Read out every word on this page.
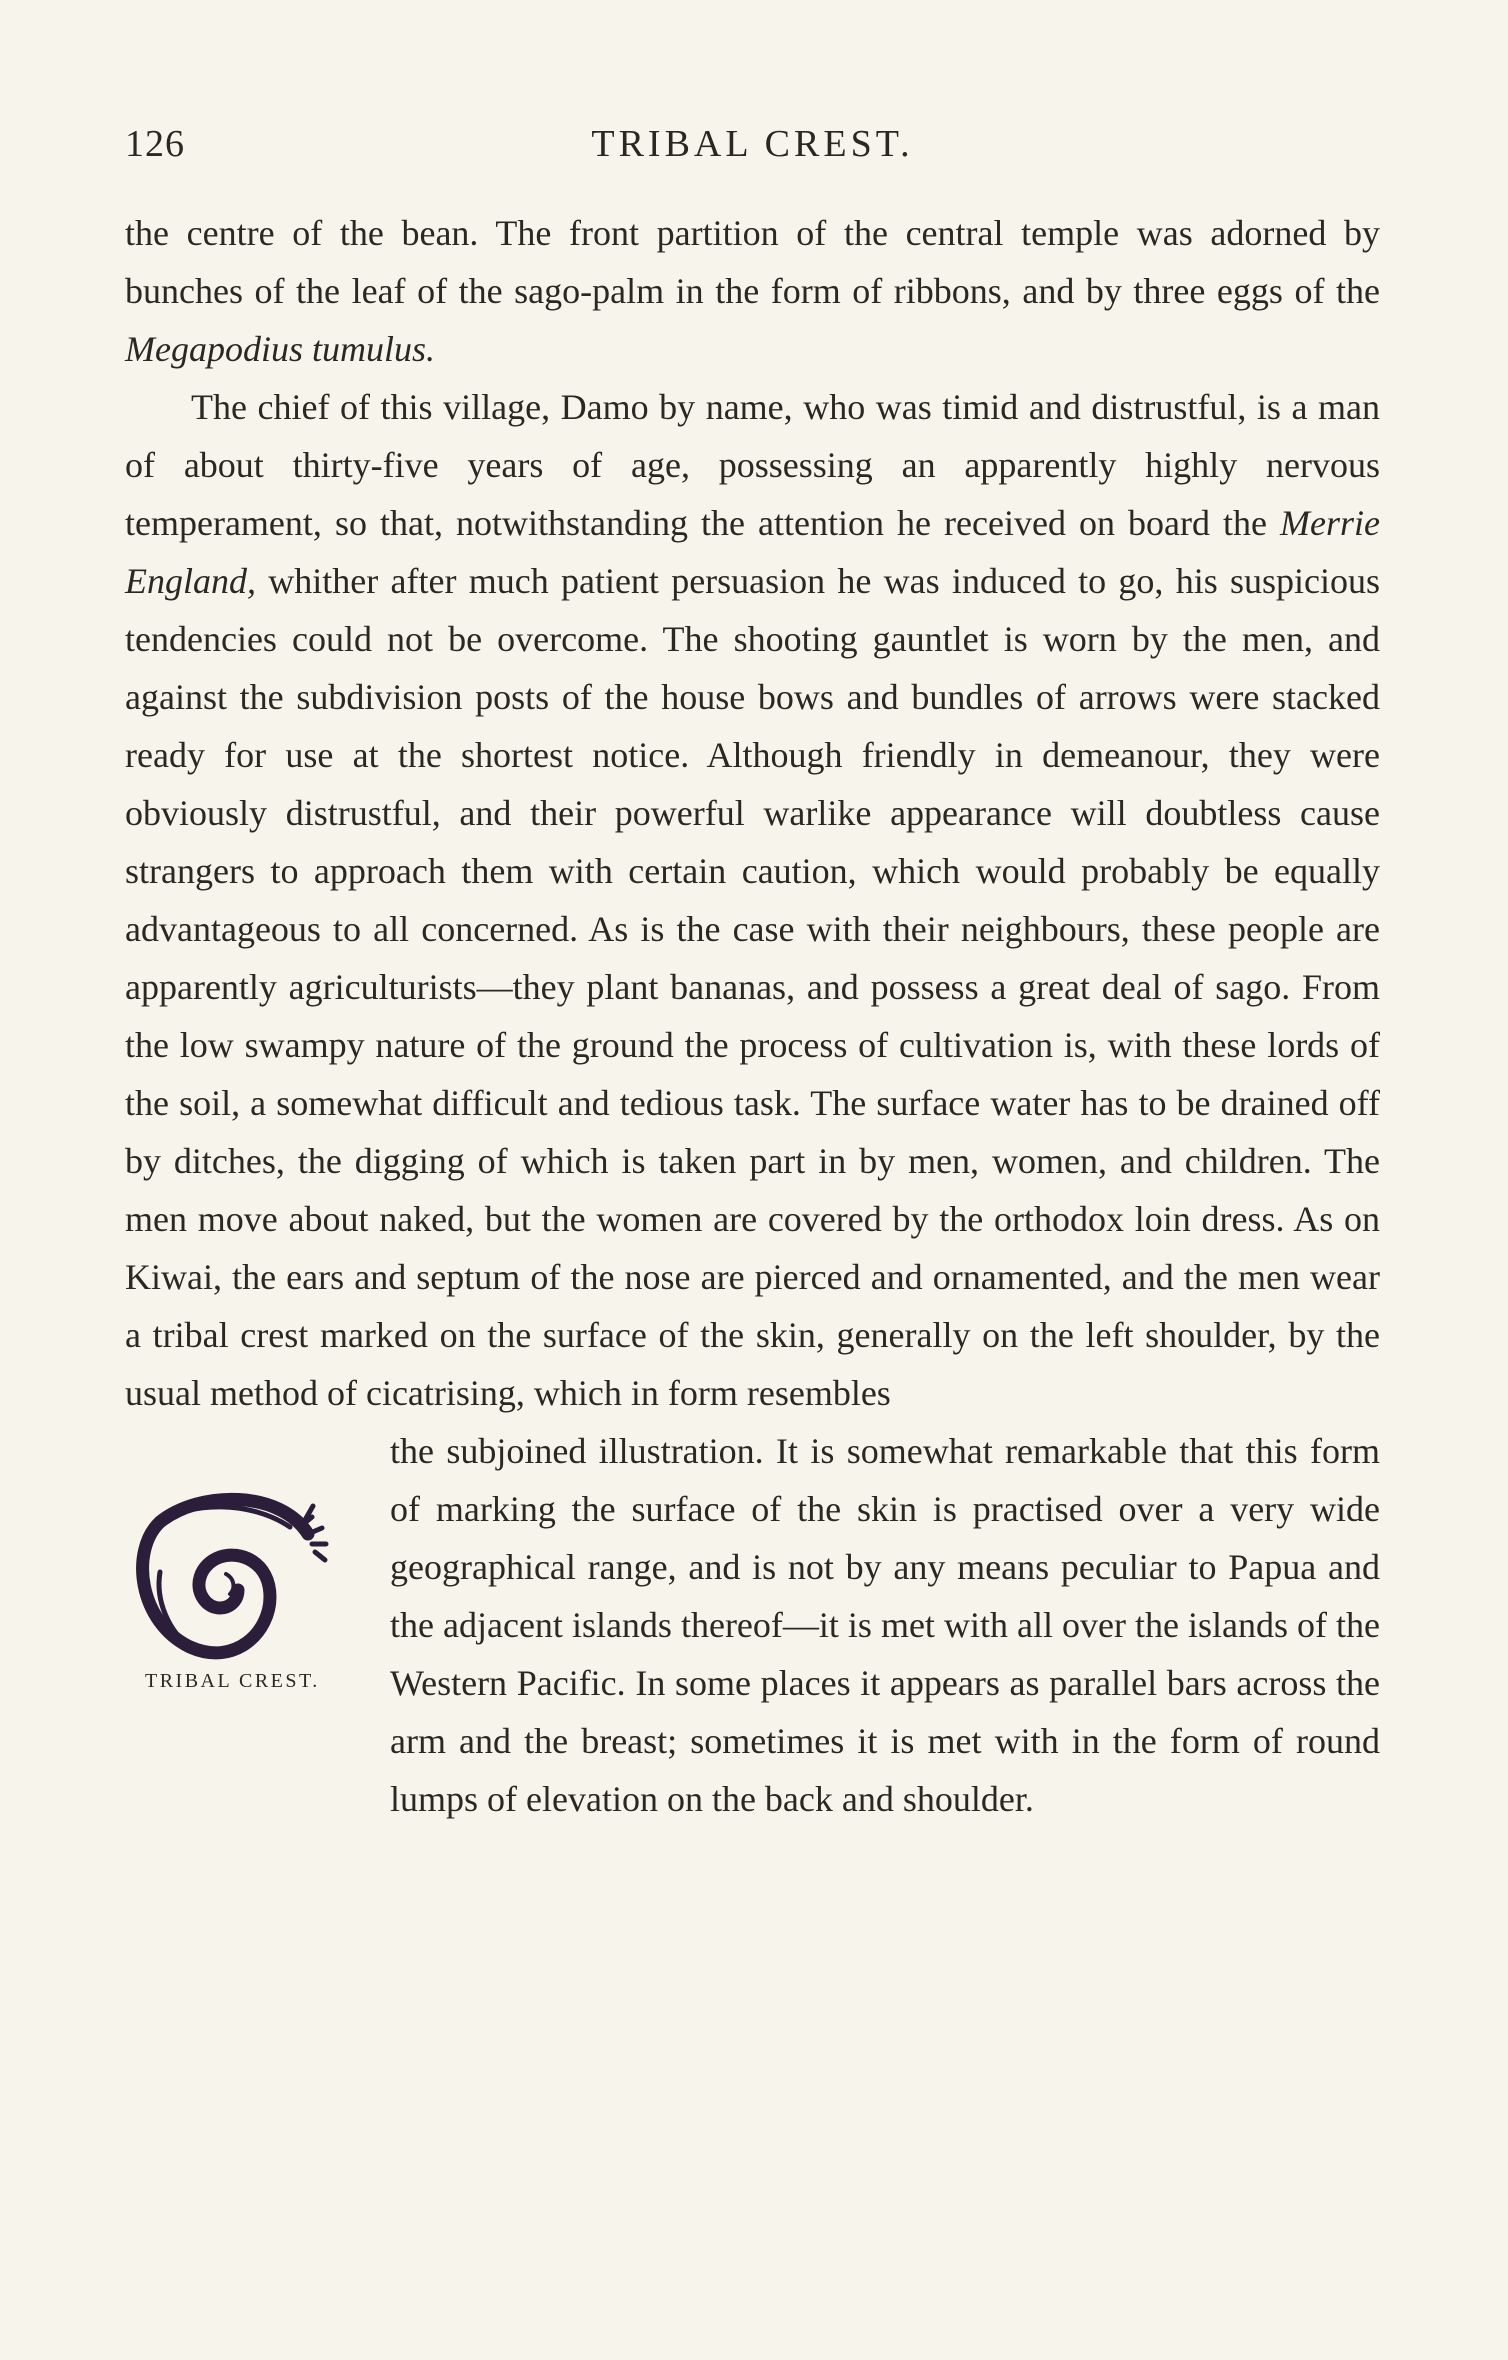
126	TRIBAL CREST.

the centre of the bean. The front partition of the central temple was adorned by bunches of the leaf of the sago-palm in the form of ribbons, and by three eggs of the Megapodius tumulus.

The chief of this village, Damo by name, who was timid and distrustful, is a man of about thirty-five years of age, possessing an apparently highly nervous temperament, so that, notwithstanding the attention he received on board the Merrie England, whither after much patient persuasion he was induced to go, his suspicious tendencies could not be overcome. The shooting gauntlet is worn by the men, and against the subdivision posts of the house bows and bundles of arrows were stacked ready for use at the shortest notice. Although friendly in demeanour, they were obviously distrustful, and their powerful warlike appearance will doubtless cause strangers to approach them with certain caution, which would probably be equally advantageous to all concerned. As is the case with their neighbours, these people are apparently agriculturists—they plant bananas, and possess a great deal of sago. From the low swampy nature of the ground the process of cultivation is, with these lords of the soil, a somewhat difficult and tedious task. The surface water has to be drained off by ditches, the digging of which is taken part in by men, women, and children. The men move about naked, but the women are covered by the orthodox loin dress. As on Kiwai, the ears and septum of the nose are pierced and ornamented, and the men wear a tribal crest marked on the surface of the skin, generally on the left shoulder, by the usual method of cicatrising, which in form resembles

TRIBAL CREST.

the subjoined illustration. It is somewhat remarkable that this form of marking the surface of the skin is practised over a very wide geographical range, and is not by any means peculiar to Papua and the adjacent islands thereof—it is met with all over the islands of the Western Pacific. In some places it appears as parallel bars across the arm and the breast; sometimes it is met with in the form of round lumps of elevation on the back and shoulder.
